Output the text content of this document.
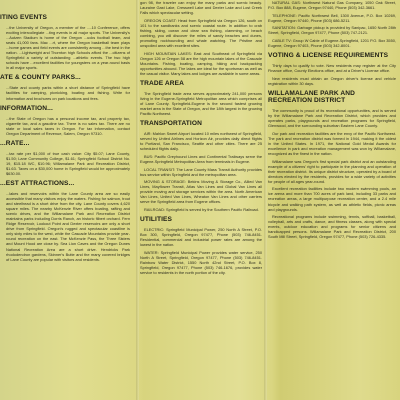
ITING EVENTS

...the University of Oregon, a member of the ...-10 Conference, offers exciting intercollegiate ...ting events in all major sports. The University's ...Autzen Stadium is home of the Oregon ...ucks football team, and seats 41,000 fans. Mac ...rt, where the Oregon basketball team plays ...home games and field events are consistently among ...the best in the nation. ...Lightweight and Thornton high Schools afford the ...citizens of Springfield a variety of outstanding ...athletic events. The two high schools have ...excellent facilities for youngsters on a year-round basis in all major sports.

ATE & COUNTY PARKS...

...State and county parks within a short distance of Springfield have facilities for camping, picnicking, boating and fishing. Write for information and brochures on park locations and fees.

INFORMATION...

...the State of Oregon has a personal income tax, and property tax, cigarette tax, and a gasoline tax. There is no sales tax. There are no state or local sales taxes in Oregon. For tax information, contact Oregon Department of Revenue, Salem, Oregon 97310.

...RATE...

...tax rate per $1,000 of true cash value: City $5.07; Lane County, $1.50; Lane Community College, $1.61; Springfield School District No. 19, $15.18 WC, $10.96; Willamalane Park and Recreation District, $1.63. Taxes on a $30,000 home in Springfield would be approximately $630.00.

...EST ATTRACTIONS...

...lakes and reservoirs within the Lane County area are so easily accessible that many visitors enjoy the waters. Fishing for salmon, trout and steelhead is a short drive from the city. Lane County covers 4,620 square miles. The nearby McKenzie River offers boating, rafting and scenic drives, and the Willamalane Park and Recreation District maintains parks including Dorris Ranch, an historic filbert orchard. Fern Ridge Reservoir, Lookout Point and Dexter reservoirs are only a short drive from Springfield. Oregon's rugged and spectacular coastline is only sixty miles to the west, while the Cascade Mountains provide year-round recreation on the east. The McKenzie Pass, the Three Sisters and Mount Hood are close by. Sea Lion Caves and the Oregon Dunes National Recreation Area are a short drive. Hendricks Park rhododendron gardens, Skinner's Butte and the many covered bridges of Lane County are popular with visitors and residents.

gon 98, the traveler can enjoy the many parks and scenic beauty. Lauraine Gast Lake, Cresswell Lake and Dexter Lake and Lost Creek Falls which spectacular setting.

OREGON COAST: Head from Springfield via Oregon 126, south on 101 to the sandbanks and scenic coastal route. In addition to crab fishing, skiing, ocean and clear sea fishing, clamming, or beach combing, you will discover the miles of sandy beaches and dunes, promoting rockhounding and whale watching. The Pristine and unspoiled area with excellent sites.

HIGH MOUNTAIN LAKES: East and Southeast of Springfield via Oregon 126 or Oregon 58 are the high mountain lakes of the Cascade Mountains. Fishing, boating, camping, hiking and backpacking opportunities abound. The lakes are ideal for the sportsman as well as the casual visitor. Many lakes and lodges are available in some areas.

TRADE AREA

The Springfield trade area serves approximately 241,000 persons living in the Eugene-Springfield Metropolitan area which comprises all of Lane County. Springfield-Eugene is the second fastest growing market area in the State of Oregon, and the 18th largest in the growing Pacific Northwest.

TRANSPORTATION

AIR: Mahlon Sweet Airport located 10 miles northwest of Springfield, served by United Airlines and Horizon Air, provides daily direct flights to Portland, San Francisco, Seattle and other cities. There are 25 scheduled flights daily.

BUS: Pacific Greyhound Lines and Continental Trailways serve the Eugene-Springfield Metropolitan Area from terminals in Eugene.

LOCAL TRANSIT: The Lane County Mass Transit Authority provides bus service within Springfield and the metropolitan area.

MOVING & STORAGE: Bekins Moving & Storage Co., Allied Van Lines, Mayflower Transit, Atlas Van Lines and Global Van Lines all provide moving and storage services within the area. North American Van Lines, United Van Lines, Wheaton Van Lines and other carriers serve the Springfield area from Eugene offices.

RAILROAD: Springfield is served by the Southern Pacific Railroad.

UTILITIES

ELECTRIC: Springfield Municipal Power, 250 North A Street, P.O. Box 300, Springfield, Oregon 97477, Phone (503) 746-8451. Residential, commercial and industrial power rates are among the lowest in the nation.

WATER: Springfield Municipal Power provides water service, 250 North A Street, Springfield, Oregon 97477, Phone (503) 746-8451. Rainbow Water District, 1550 North 42nd Street, P.O. Box 8, Springfield, Oregon 97477, Phone (503) 746-1676, provides water service to residents in the north portion of the city.

NATURAL GAS: Northwest Natural Gas Company, 1050 Oak Street, P.O. Box 888, Eugene, Oregon 97440, Phone (503) 342-3661.

TELEPHONE: Pacific Northwest Bell, 1300 Avenue, P.O. Box 10269, Eugene, Oregon 97440, Phone (503) 686-5211.

SANITATION: Garbage pickup is provided by Sanipac, 1650 North 28th Street, Springfield, Oregon 97477, Phone (503) 747-2121.

CABLE TV: Group W Cable of Eugene-Springfield, 1201 P.O. Box 3550, Eugene, Oregon 97403, Phone (503) 342-8001.

VOTING & LICENSE REQUIREMENTS

Thirty days to qualify to vote. New residents may register at the City Finance office, County Elections office, and at a Driver's License office.

New residents must obtain an Oregon driver's license and vehicle registration within 30 days.

WILLAMALANE PARK AND RECREATION DISTRICT

The community is proud of its recreational opportunities, and is served by the Willamalane Park and Recreation District, which provides and operates parks, playgrounds and recreation programs for Springfield, Glenwood, and the surrounding suburban Eastern Lane County.

Our park and recreation facilities are the envy of the Pacific Northwest. The park and recreation district was formed in 1944, making it the oldest in the United States. In 1971, the National Gold Medal Awards for excellence in park and recreation management was won by Willamalane, recognized as the finest in the nation.

Willamalane was Oregon's first special park district and an outstanding example of a citizens' right to participate in the planning and operation of their recreation district. Its unique district structure, operated by a board of directors elected by the residents, provides for a wide variety of activities for people of all ages year-round.

Excellent recreation facilities include two modern swimming pools, an ice arena and more than 700 acres of park land, including 33 parks and recreation areas, a large multipurpose recreation center, and a 2.4 mile bicycle and walking path system, as well as athletic fields, picnic areas and playgrounds.

Recreational programs include swimming, tennis, softball, basketball, volleyball, arts and crafts, dance, and fitness classes, along with special events, outdoor education and programs for senior citizens and handicapped persons. Willamalane Park and Recreation District, 200 South Mill Street, Springfield, Oregon 97477, Phone (503) 726-4335.
